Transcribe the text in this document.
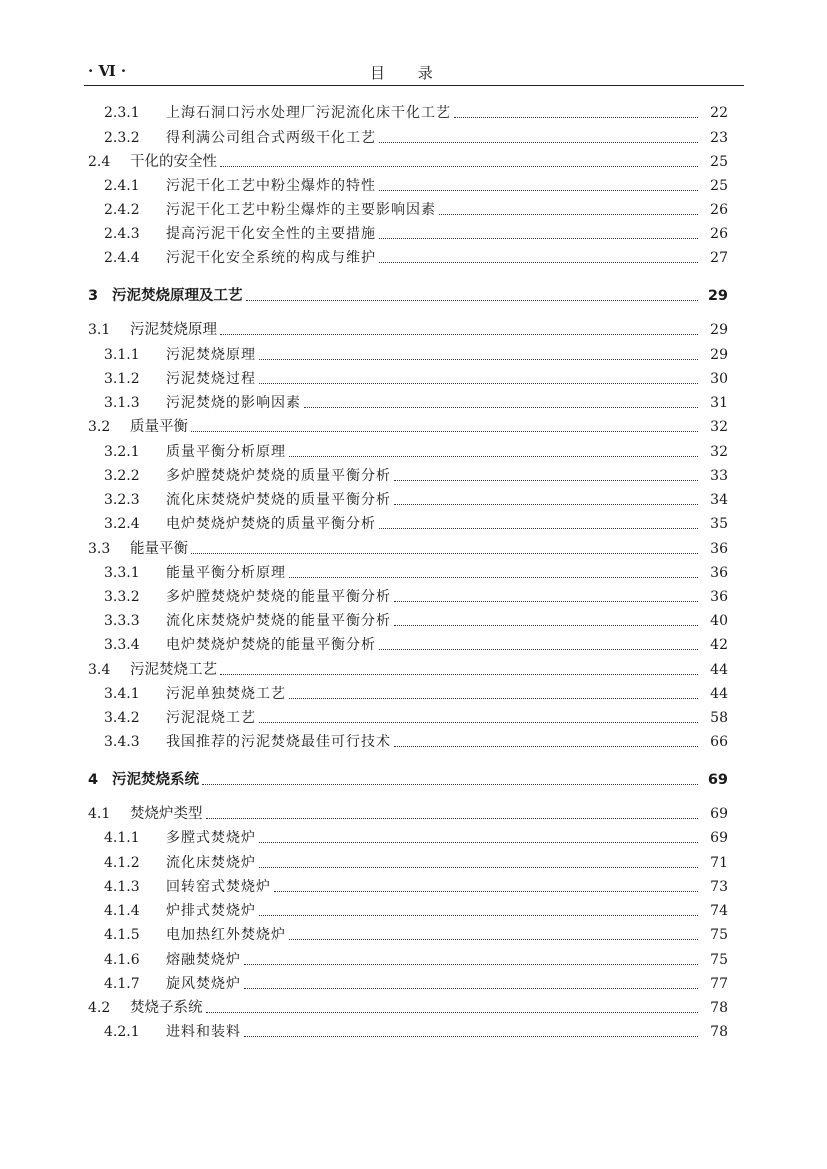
· Ⅵ ·	目 录
2.3.1	上海石洞口污水处理厂污泥流化床干化工艺	22
2.3.2	得利满公司组合式两级干化工艺	23
2.4	干化的安全性	25
2.4.1	污泥干化工艺中粉尘爆炸的特性	25
2.4.2	污泥干化工艺中粉尘爆炸的主要影响因素	26
2.4.3	提高污泥干化安全性的主要措施	26
2.4.4	污泥干化安全系统的构成与维护	27
3 污泥焚烧原理及工艺	29
3.1	污泥焚烧原理	29
3.1.1	污泥焚烧原理	29
3.1.2	污泥焚烧过程	30
3.1.3	污泥焚烧的影响因素	31
3.2	质量平衡	32
3.2.1	质量平衡分析原理	32
3.2.2	多炉膛焚烧炉焚烧的质量平衡分析	33
3.2.3	流化床焚烧炉焚烧的质量平衡分析	34
3.2.4	电炉焚烧炉焚烧的质量平衡分析	35
3.3	能量平衡	36
3.3.1	能量平衡分析原理	36
3.3.2	多炉膛焚烧炉焚烧的能量平衡分析	36
3.3.3	流化床焚烧炉焚烧的能量平衡分析	40
3.3.4	电炉焚烧炉焚烧的能量平衡分析	42
3.4	污泥焚烧工艺	44
3.4.1	污泥单独焚烧工艺	44
3.4.2	污泥混烧工艺	58
3.4.3	我国推荐的污泥焚烧最佳可行技术	66
4 污泥焚烧系统	69
4.1	焚烧炉类型	69
4.1.1	多膛式焚烧炉	69
4.1.2	流化床焚烧炉	71
4.1.3	回转窑式焚烧炉	73
4.1.4	炉排式焚烧炉	74
4.1.5	电加热红外焚烧炉	75
4.1.6	熔融焚烧炉	75
4.1.7	旋风焚烧炉	77
4.2	焚烧子系统	78
4.2.1	进料和装料	78
